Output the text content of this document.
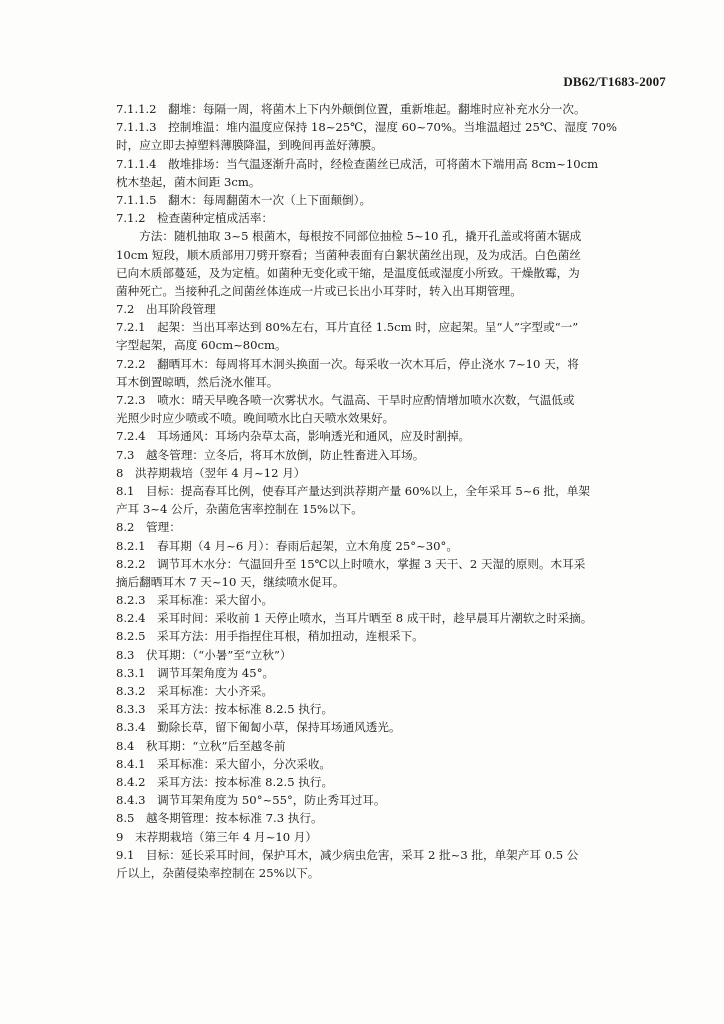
DB62/T1683-2007
7.1.1.2　翻堆：每隔一周，将菌木上下内外颠倒位置，重新堆起。翻堆时应补充水分一次。
7.1.1.3　控制堆温：堆内温度应保持 18~25℃，湿度 60~70%。当堆温超过 25℃、湿度 70%
时，应立即去掉塑料薄膜降温，到晚间再盖好薄膜。
7.1.1.4　散堆排场：当气温逐渐升高时，经检查菌丝已成活，可将菌木下端用高 8cm~10cm
枕木垫起，菌木间距 3cm。
7.1.1.5　翻木：每周翻菌木一次（上下面颠倒）。
7.1.2　检查菌种定植成活率：
　　方法：随机抽取 3~5 根菌木，每根按不同部位抽检 5~10 孔，撬开孔盖或将菌木锯成
10cm 短段，顺木质部用刀劈开察看；当菌种表面有白絮状菌丝出现，及为成活。白色菌丝
已向木质部蔓延，及为定植。如菌种无变化或干缩，是温度低或湿度小所致。干燥散霉，为
菌种死亡。当接种孔之间菌丝体连成一片或已长出小耳芽时，转入出耳期管理。
7.2　出耳阶段管理
7.2.1　起架：当出耳率达到 80%左右，耳片直径 1.5cm 时，应起架。呈“人”字型或“一”
字型起架，高度 60cm~80cm。
7.2.2　翻晒耳木：每周将耳木洞头换面一次。每采收一次木耳后，停止浇水 7~10 天，将
耳木倒置晾晒，然后浇水催耳。
7.2.3　喷水：晴天早晚各喷一次雾状水。气温高、干旱时应酌情增加喷水次数，气温低或
光照少时应少喷或不喷。晚间喷水比白天喷水效果好。
7.2.4　耳场通风：耳场内杂草太高，影响透光和通风，应及时割掉。
7.3　越冬管理：立冬后，将耳木放倒，防止牲畜进入耳场。
8　洪荐期栽培（翌年 4 月~12 月）
8.1　目标：提高春耳比例，使春耳产量达到洪荐期产量 60%以上，全年采耳 5~6 批，单架
产耳 3~4 公斤，杂菌危害率控制在 15%以下。
8.2　管理：
8.2.1　春耳期（4 月~6 月）：春雨后起架，立木角度 25°~30°。
8.2.2　调节耳木水分：气温回升至 15℃以上时喷水，掌握 3 天干、2 天湿的原则。木耳采
摘后翻晒耳木 7 天~10 天，继续喷水促耳。
8.2.3　采耳标准：采大留小。
8.2.4　采耳时间：采收前 1 天停止喷水，当耳片晒至 8 成干时，趁早晨耳片潮软之时采摘。
8.2.5　采耳方法：用手指捏住耳根，稍加扭动，连根采下。
8.3　伏耳期：（“小暑”至“立秋”）
8.3.1　调节耳架角度为 45°。
8.3.2　采耳标准：大小齐采。
8.3.3　采耳方法：按本标准 8.2.5 执行。
8.3.4　勤除长草，留下匍匐小草，保持耳场通风透光。
8.4　秋耳期：“立秋”后至越冬前
8.4.1　采耳标准：采大留小，分次采收。
8.4.2　采耳方法：按本标准 8.2.5 执行。
8.4.3　调节耳架角度为 50°~55°，防止秀耳过耳。
8.5　越冬期管理：按本标准 7.3 执行。
9　末荐期栽培（第三年 4 月~10 月）
9.1　目标：延长采耳时间，保护耳木，减少病虫危害，采耳 2 批~3 批，单架产耳 0.5 公
斤以上，杂菌侵染率控制在 25%以下。
